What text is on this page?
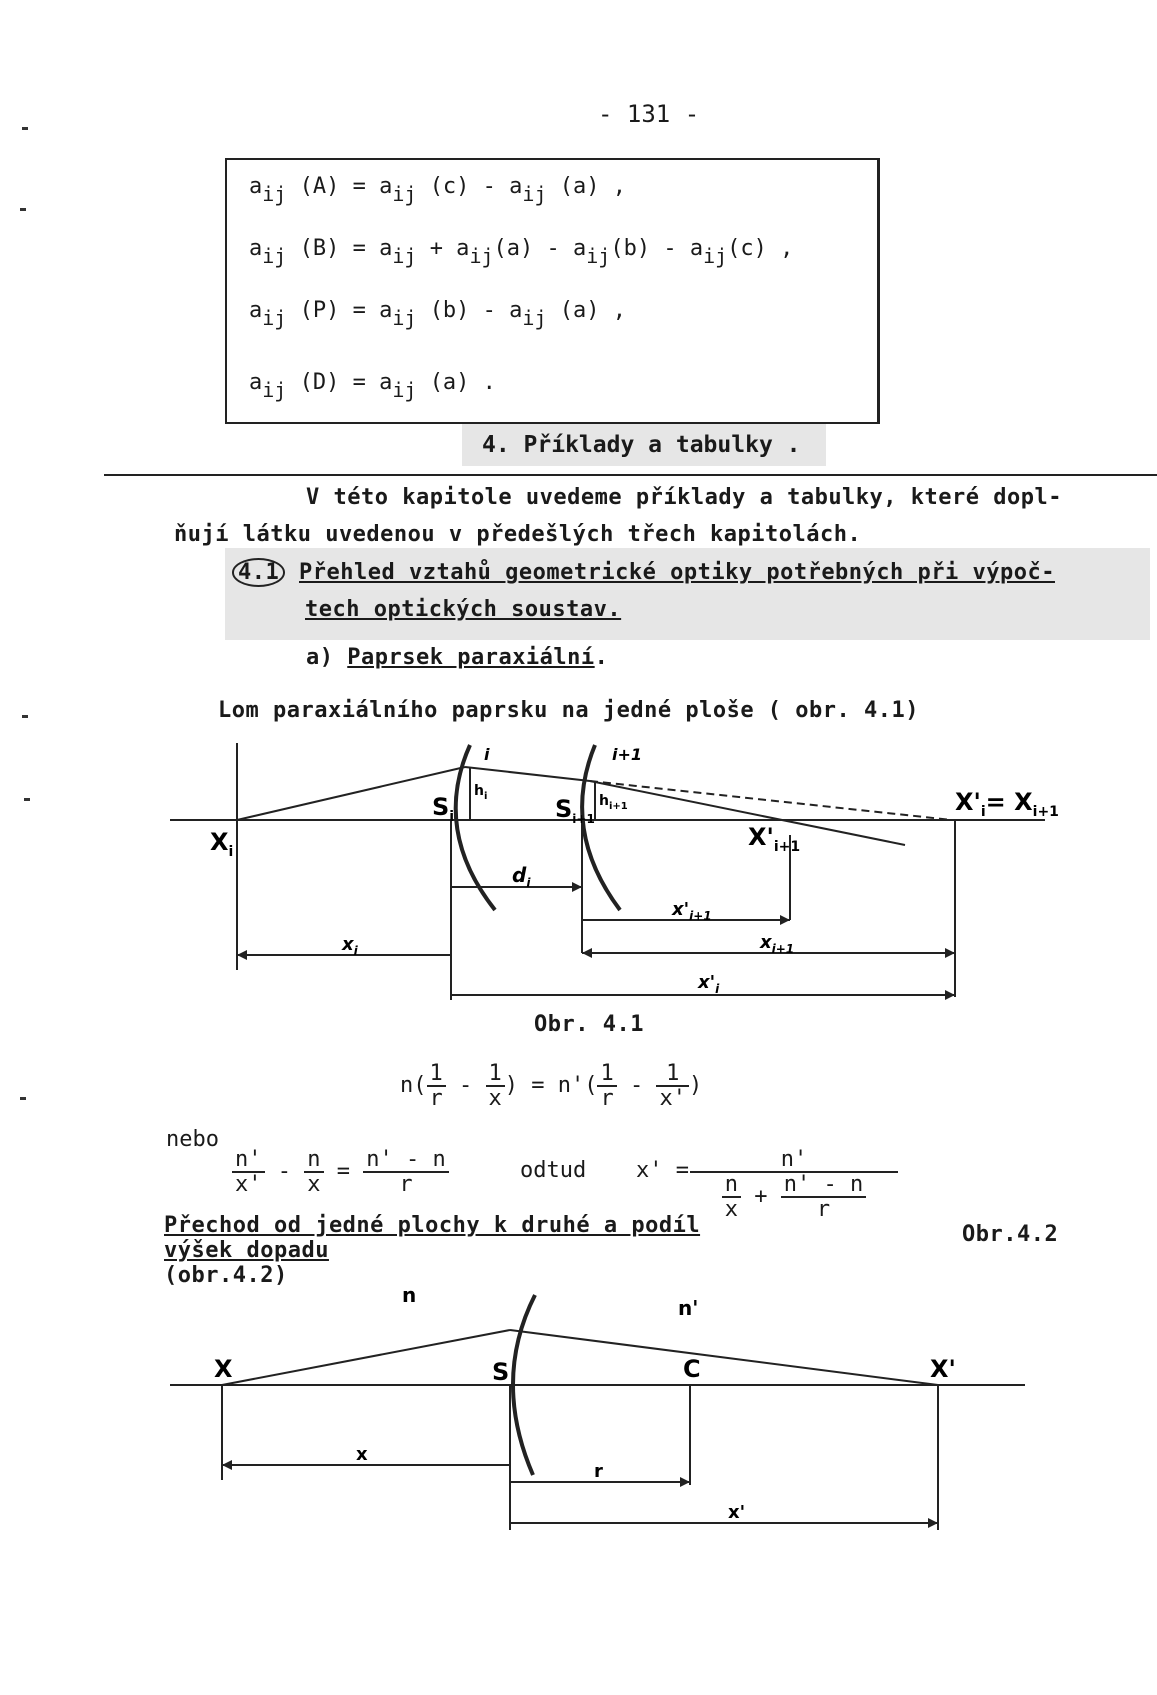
- 131 -
$a_{ij}$ $(A) = a_{ij}$ $(c) - a_{ij}$ (a) ,
$a_{ij}$ $(B) = a_{ij} + a_{ij}(a) - a_{ij}(b) - a_{ij}(c)$ ,
$a_{ij}$ $(P) = a_{ij}$ $(b) - a_{ij}$ (a) ,
$a_{ij}$ $(D) = a_{ij}$ (a) .
4. Příklady a tabulky .
V této kapitole uvedeme příklady a tabulky, které dopl-
ňují látku uvedenou v předešlých třech kapitolách.
4.1 Přehled vztahů geometrické optiky potřebných při výpoč-
tech optických soustav.
a) Paprsek paraxiální.
Lom paraxiálního paprsku na jedné ploše ( obr. 4.1)
$X_i$
$S_i$
$h_i$
i
$S_{i+1}$
$h_{i+1}$
i+1
$X'_{i+1}$
$X'_i= X_{i+1}$
$d_i$
$x'_{i+1}$
$x_i$	$x_{i+1}$
$x'_i$
Obr. 4.1
$n( \frac{1}{r} - \frac{1}{x}$ ) = $n'( \frac{1}{r} - \frac{1}{x'}$ )
nebo
$\frac{n'}{x'} - \frac{n}{x} = \frac{n' - n}{r}$	odtud $x' = \frac{n'}{\frac{n}{x} + \frac{n' - n}{r}}$
Přechod od jedné plochy k druhé a podíl
výšek dopadu
(obr.4.2)
Obr.4.2
n
n'
X	S	C	X'
x
r
x'
